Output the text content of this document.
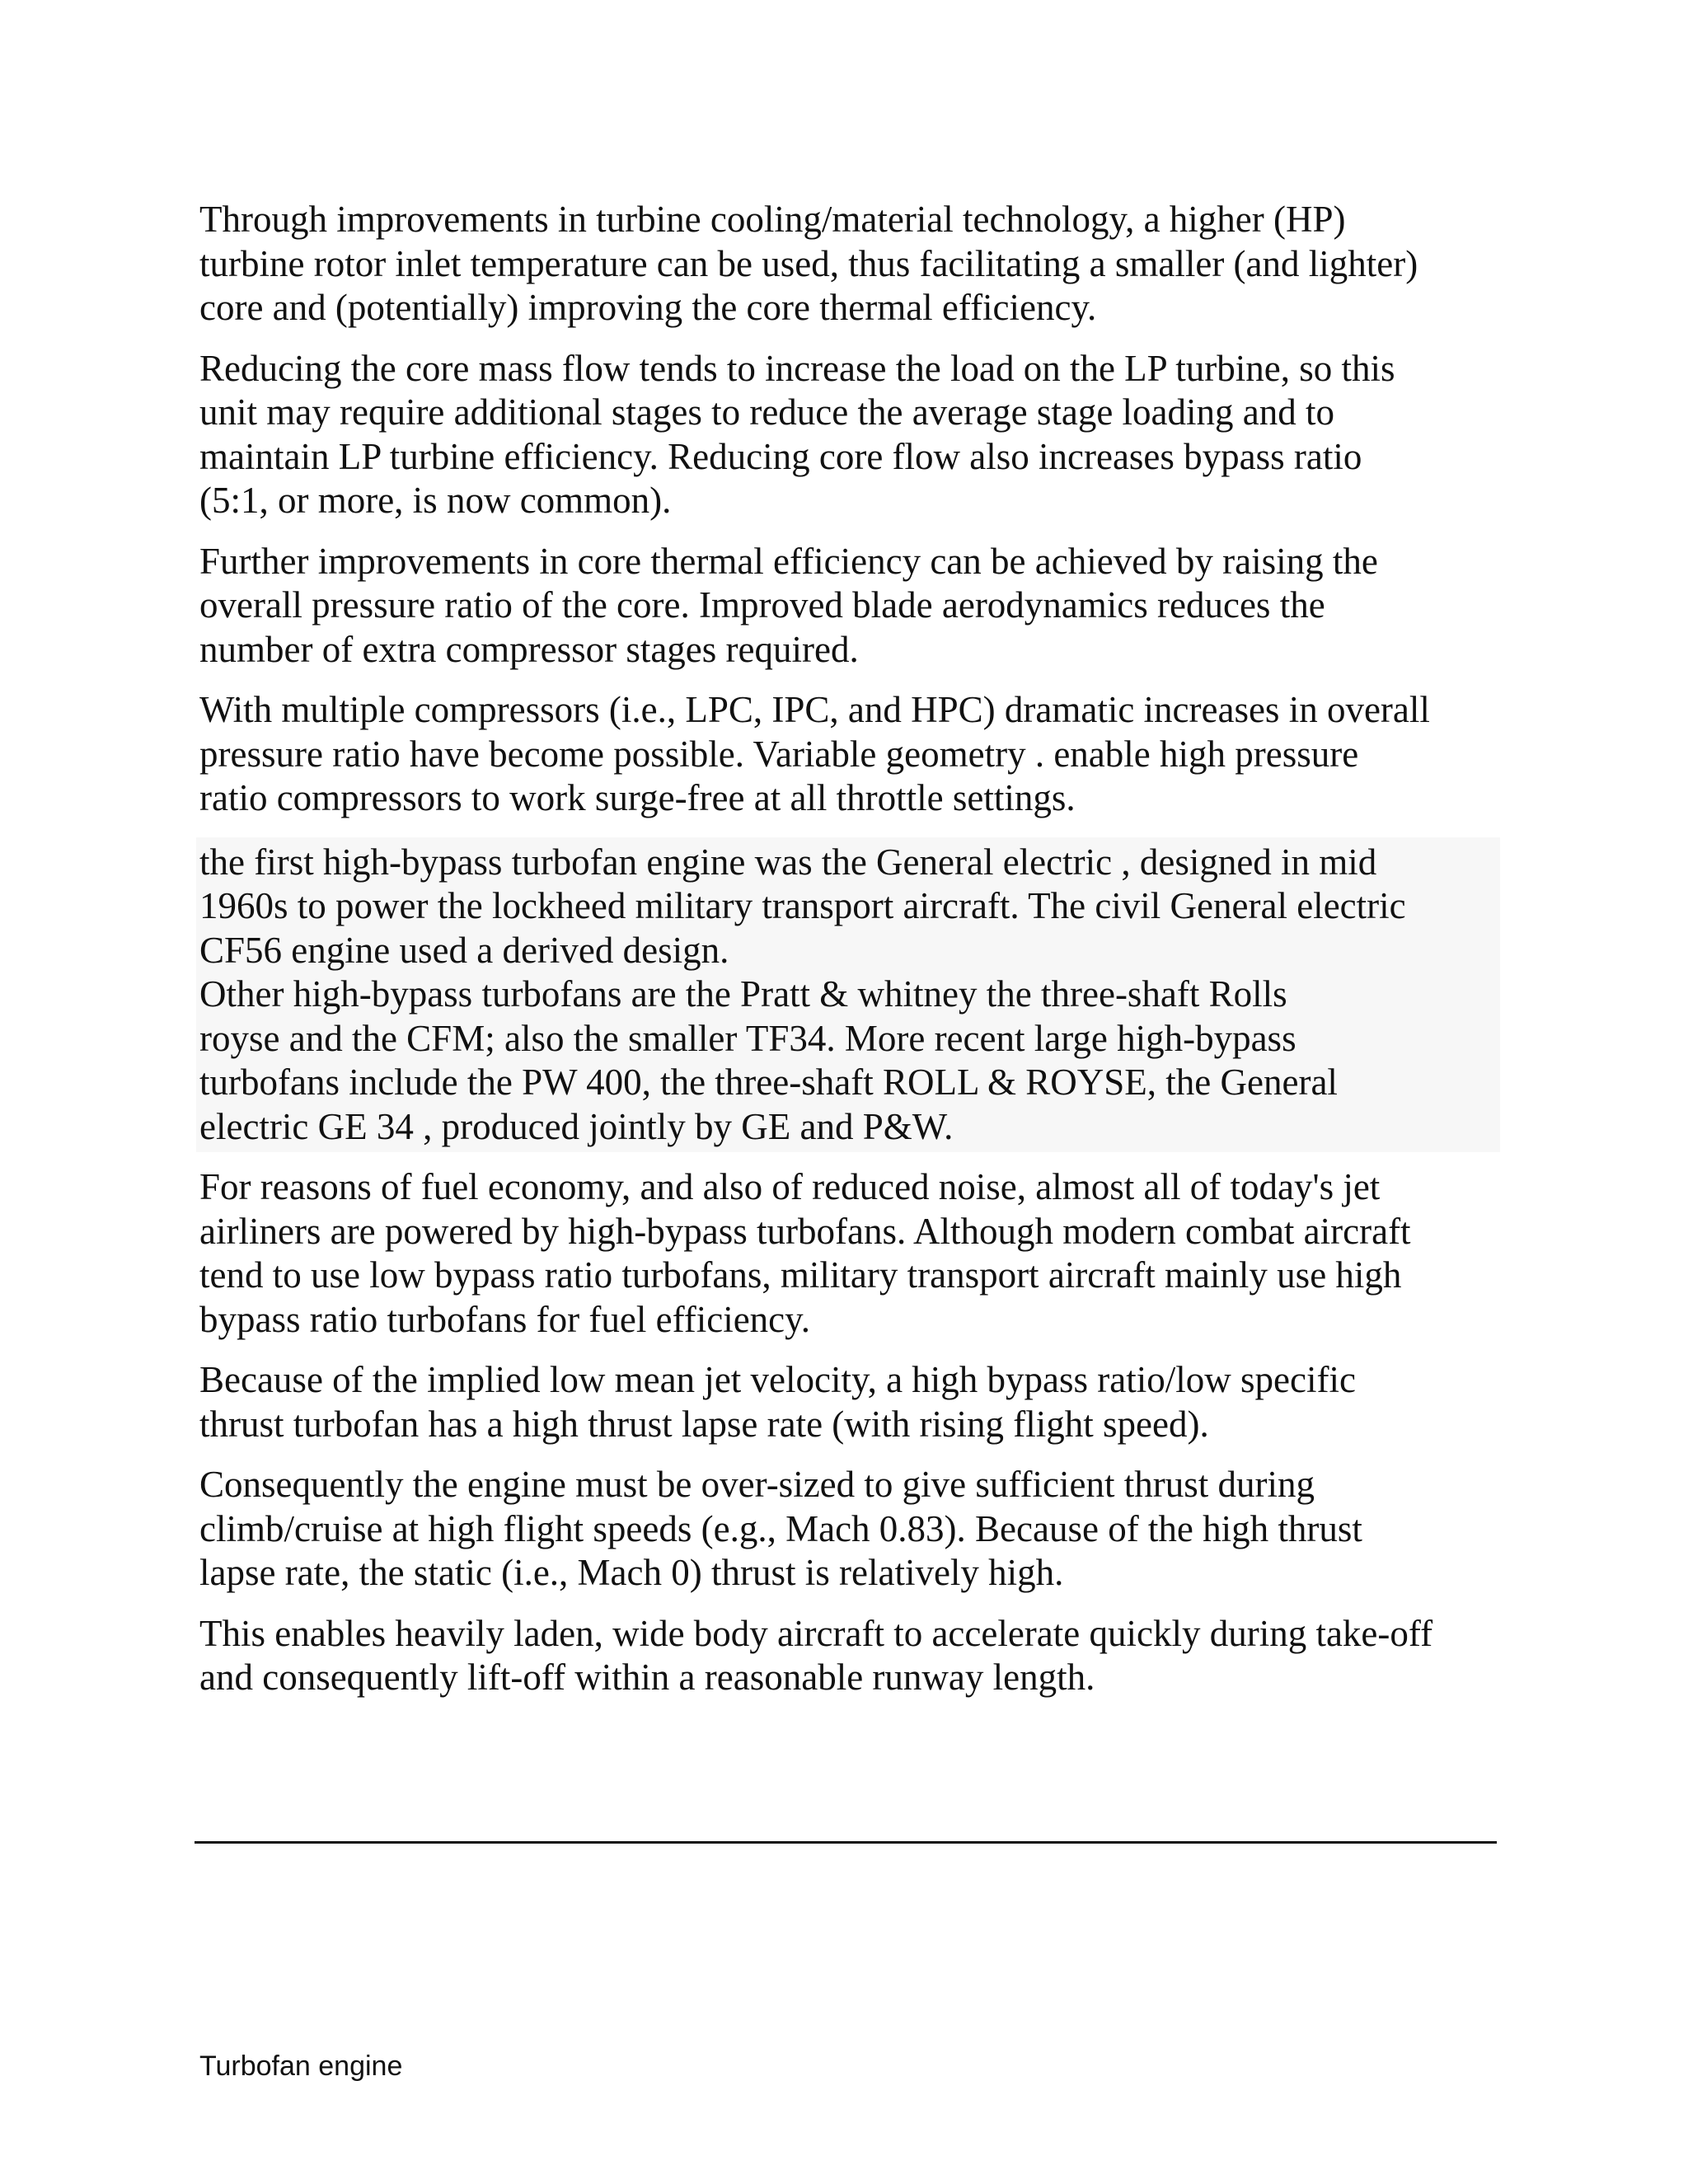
Through improvements in turbine cooling/material technology, a higher (HP)
turbine rotor inlet temperature can be used, thus facilitating a smaller (and lighter)
core and (potentially) improving the core thermal efficiency.

Reducing the core mass flow tends to increase the load on the LP turbine, so this
unit may require additional stages to reduce the average stage loading and to
maintain LP turbine efficiency. Reducing core flow also increases bypass ratio
(5:1, or more, is now common).

Further improvements in core thermal efficiency can be achieved by raising the
overall pressure ratio of the core. Improved blade aerodynamics reduces the
number of extra compressor stages required.

With multiple compressors (i.e., LPC, IPC, and HPC) dramatic increases in overall
pressure ratio have become possible. Variable geometry . enable high pressure
ratio compressors to work surge-free at all throttle settings.

the first high-bypass turbofan engine was the General electric , designed in mid
1960s to power the lockheed military transport aircraft. The civil General electric
CF56 engine used a derived design.
Other high-bypass turbofans are the Pratt & whitney the three-shaft Rolls
royse and the CFM; also the smaller TF34. More recent large high-bypass
turbofans include the PW 400, the three-shaft ROLL & ROYSE, the General
electric GE 34 , produced jointly by GE and P&W.

For reasons of fuel economy, and also of reduced noise, almost all of today's jet
airliners are powered by high-bypass turbofans. Although modern combat aircraft
tend to use low bypass ratio turbofans, military transport aircraft mainly use high
bypass ratio turbofans for fuel efficiency.

Because of the implied low mean jet velocity, a high bypass ratio/low specific
thrust turbofan has a high thrust lapse rate (with rising flight speed).

Consequently the engine must be over-sized to give sufficient thrust during
climb/cruise at high flight speeds (e.g., Mach 0.83). Because of the high thrust
lapse rate, the static (i.e., Mach 0) thrust is relatively high.

This enables heavily laden, wide body aircraft to accelerate quickly during take-off
and consequently lift-off within a reasonable runway length.

Turbofan engine
